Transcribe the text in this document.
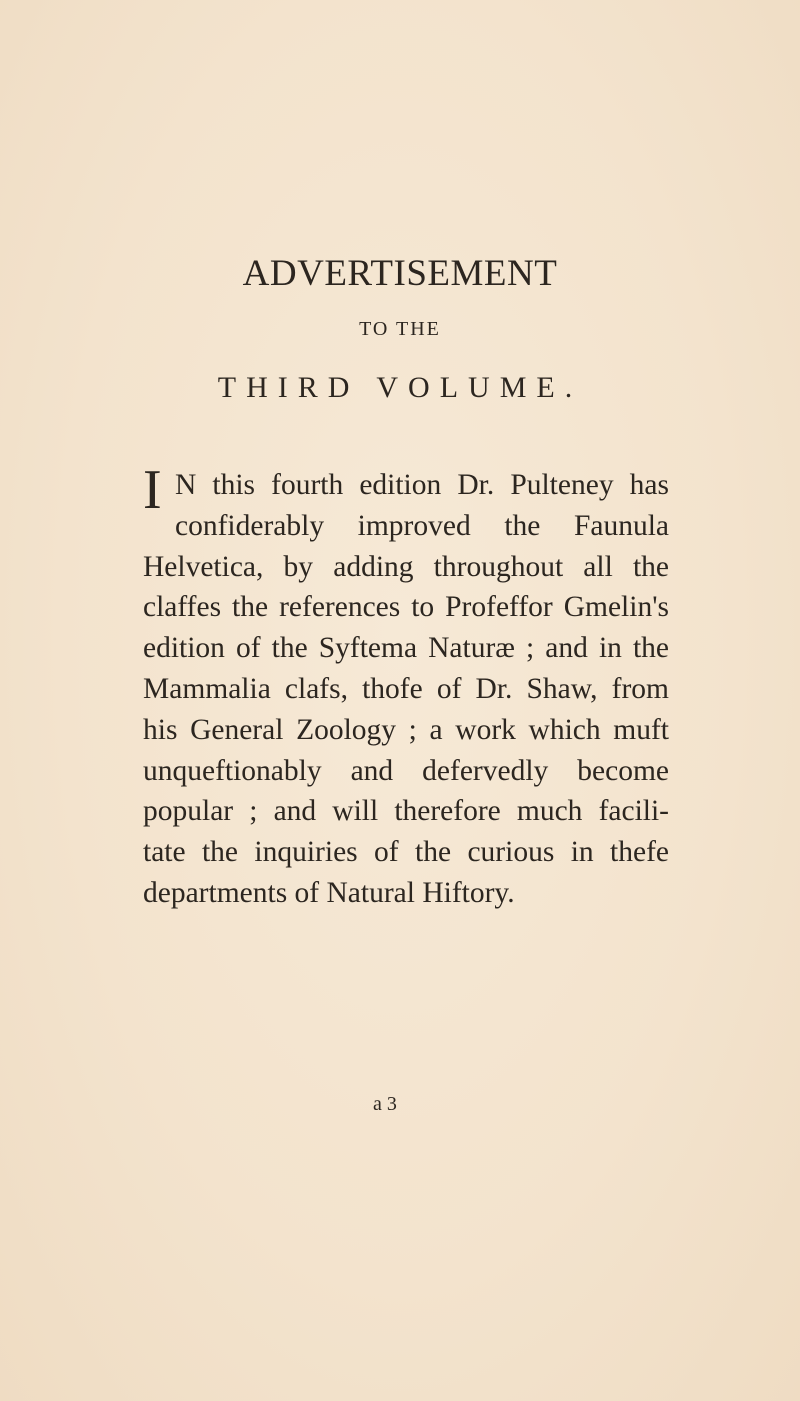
ADVERTISEMENT
TO THE
THIRD VOLUME.
I N this fourth edition Dr. Pulteney has
confiderably improved the Faunula
Helvetica, by adding throughout all the
claffes the references to Profeffor Gmelin's
edition of the Syftema Naturæ ; and in the
Mammalia clafs, thofe of Dr. Shaw, from
his General Zoology ; a work which muft
unqueftionably and defervedly become
popular ; and will therefore much facili-
tate the inquiries of the curious in thefe
departments of Natural Hiftory.
a 3
